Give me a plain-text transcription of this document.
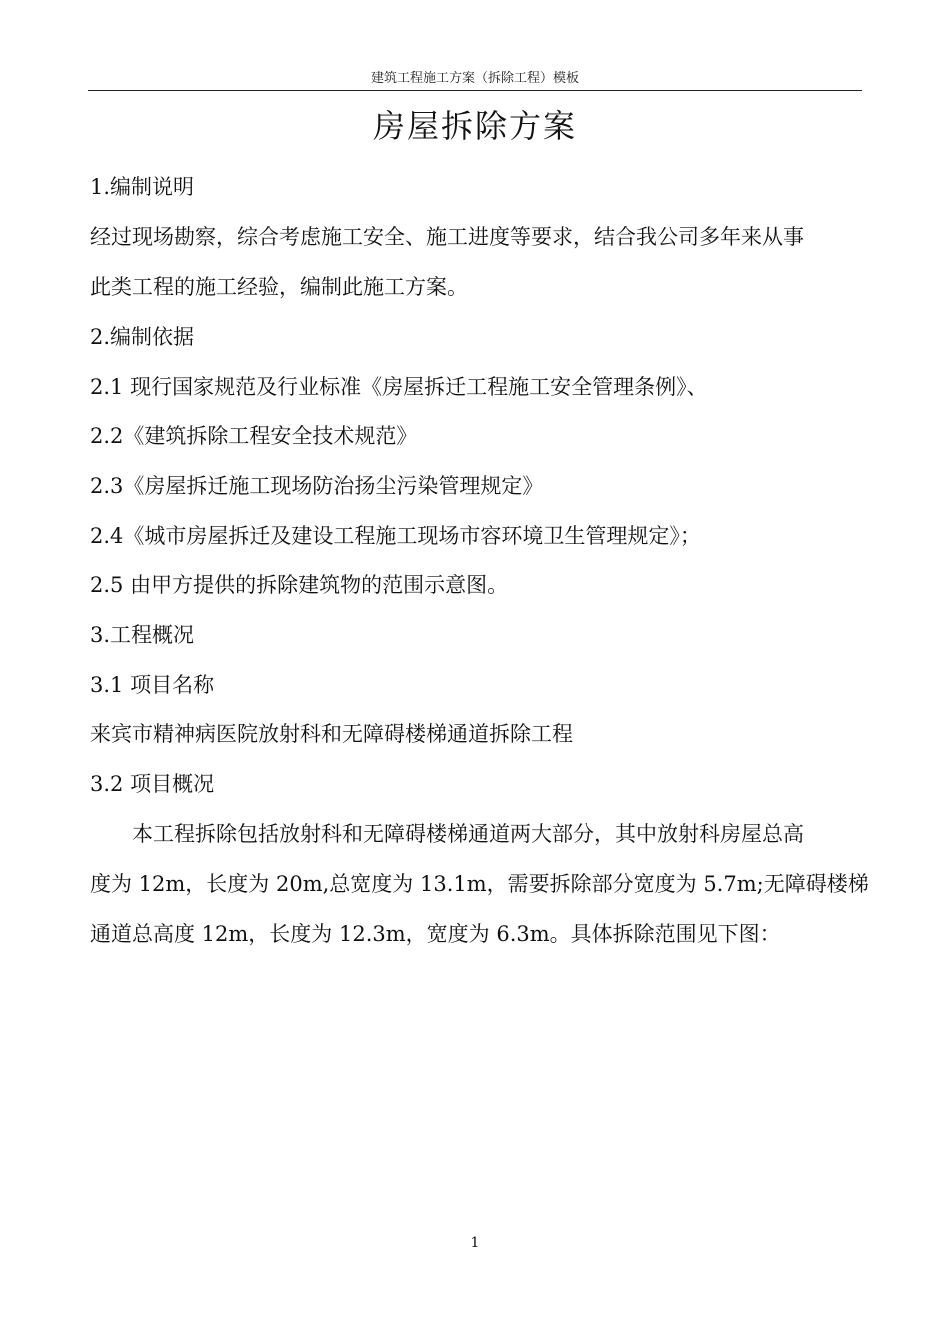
建筑工程施工方案（拆除工程）模板
房屋拆除方案
1.编制说明
经过现场勘察，综合考虑施工安全、施工进度等要求，结合我公司多年来从事
此类工程的施工经验，编制此施工方案。
2.编制依据
2.1 现行国家规范及行业标准《房屋拆迁工程施工安全管理条例》、
2.2《建筑拆除工程安全技术规范》
2.3《房屋拆迁施工现场防治扬尘污染管理规定》
2.4《城市房屋拆迁及建设工程施工现场市容环境卫生管理规定》；
2.5 由甲方提供的拆除建筑物的范围示意图。
3.工程概况
3.1 项目名称
来宾市精神病医院放射科和无障碍楼梯通道拆除工程
3.2 项目概况
本工程拆除包括放射科和无障碍楼梯通道两大部分，其中放射科房屋总高
度为 12m，长度为 20m,总宽度为 13.1m，需要拆除部分宽度为 5.7m;无障碍楼梯
通道总高度 12m，长度为 12.3m，宽度为 6.3m。具体拆除范围见下图：
1
